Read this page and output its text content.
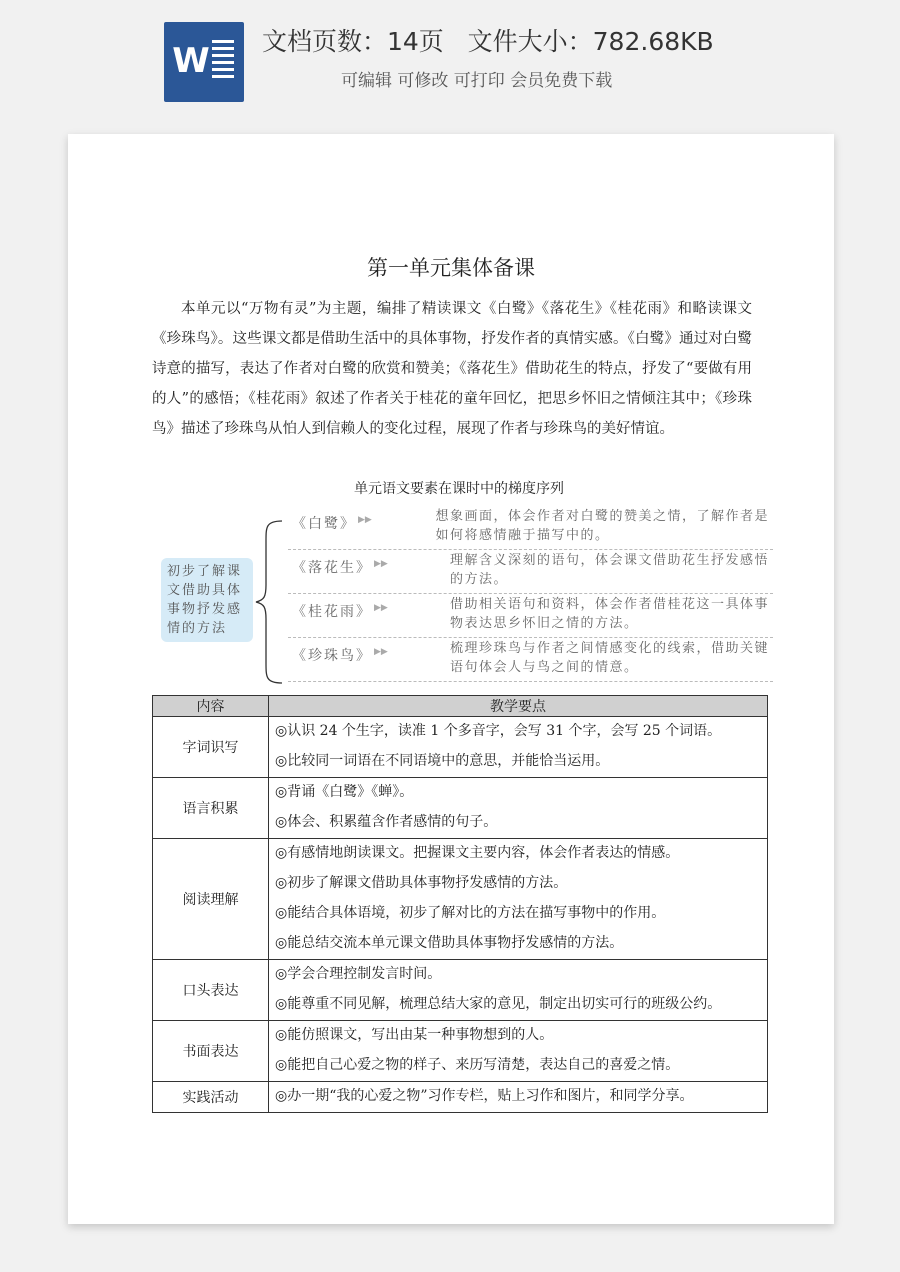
W 文档页数：14页   文件大小：782.68KB
可编辑 可修改 可打印 会员免费下载
第一单元集体备课

本单元以“万物有灵”为主题，编排了精读课文《白鹭》《落花生》《桂花雨》和略读课文《珍珠鸟》。这些课文都是借助生活中的具体事物，抒发作者的真情实感。《白鹭》通过对白鹭诗意的描写，表达了作者对白鹭的欣赏和赞美；《落花生》借助花生的特点，抒发了“要做有用的人”的感悟；《桂花雨》叙述了作者关于桂花的童年回忆，把思乡怀旧之情倾注其中；《珍珠鸟》描述了珍珠鸟从怕人到信赖人的变化过程，展现了作者与珍珠鸟的美好情谊。

单元语文要素在课时中的梯度序列
初步了解课文借助具体事物抒发感情的方法
《白鹭》 ▶▶	想象画面，体会作者对白鹭的赞美之情，了解作者是
如何将感情融于描写中的。
《落花生》 ▶▶	理解含义深刻的语句，体会课文借助花生抒发感悟
的方法。
《桂花雨》 ▶▶	借助相关语句和资料，体会作者借桂花这一具体事
物表达思乡怀旧之情的方法。
《珍珠鸟》 ▶▶	梳理珍珠鸟与作者之间情感变化的线索，借助关键
语句体会人与鸟之间的情意。
内容	教学要点
字词识写	◎认识 24 个生字，读准 1 个多音字，会写 31 个字，会写 25 个词语。
◎比较同一词语在不同语境中的意思，并能恰当运用。

语言积累	◎背诵《白鹭》《蝉》。
◎体会、积累蕴含作者感情的句子。

阅读理解	◎有感情地朗读课文。把握课文主要内容，体会作者表达的情感。
◎初步了解课文借助具体事物抒发感情的方法。
◎能结合具体语境，初步了解对比的方法在描写事物中的作用。
◎能总结交流本单元课文借助具体事物抒发感情的方法。

口头表达	◎学会合理控制发言时间。
◎能尊重不同见解，梳理总结大家的意见，制定出切实可行的班级公约。

书面表达	◎能仿照课文，写出由某一种事物想到的人。
◎能把自己心爱之物的样子、来历写清楚，表达自己的喜爱之情。

实践活动	◎办一期“我的心爱之物”习作专栏，贴上习作和图片，和同学分享。
